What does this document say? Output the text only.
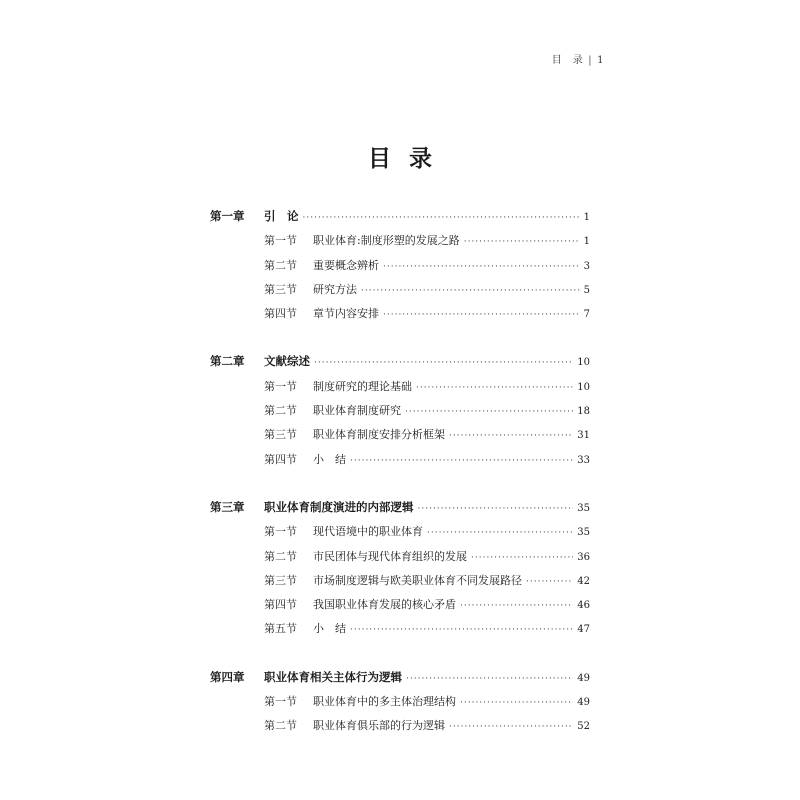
目　录 | 1
目录
第一章	引　论 ·····	1
第一节	职业体育:制度形塑的发展之路 ·····	1
第二节	重要概念辨析 ·····	3
第三节	研究方法 ·····	5
第四节	章节内容安排 ·····	7
第二章	文献综述 ·····	10
第一节	制度研究的理论基础 ·····	10
第二节	职业体育制度研究 ·····	18
第三节	职业体育制度安排分析框架 ·····	31
第四节	小　结 ·····	33
第三章	职业体育制度演进的内部逻辑 ·····	35
第一节	现代语境中的职业体育 ·····	35
第二节	市民团体与现代体育组织的发展 ·····	36
第三节	市场制度逻辑与欧美职业体育不同发展路径 ·····	42
第四节	我国职业体育发展的核心矛盾 ·····	46
第五节	小　结 ·····	47
第四章	职业体育相关主体行为逻辑 ·····	49
第一节	职业体育中的多主体治理结构 ·····	49
第二节	职业体育俱乐部的行为逻辑 ·····	52
